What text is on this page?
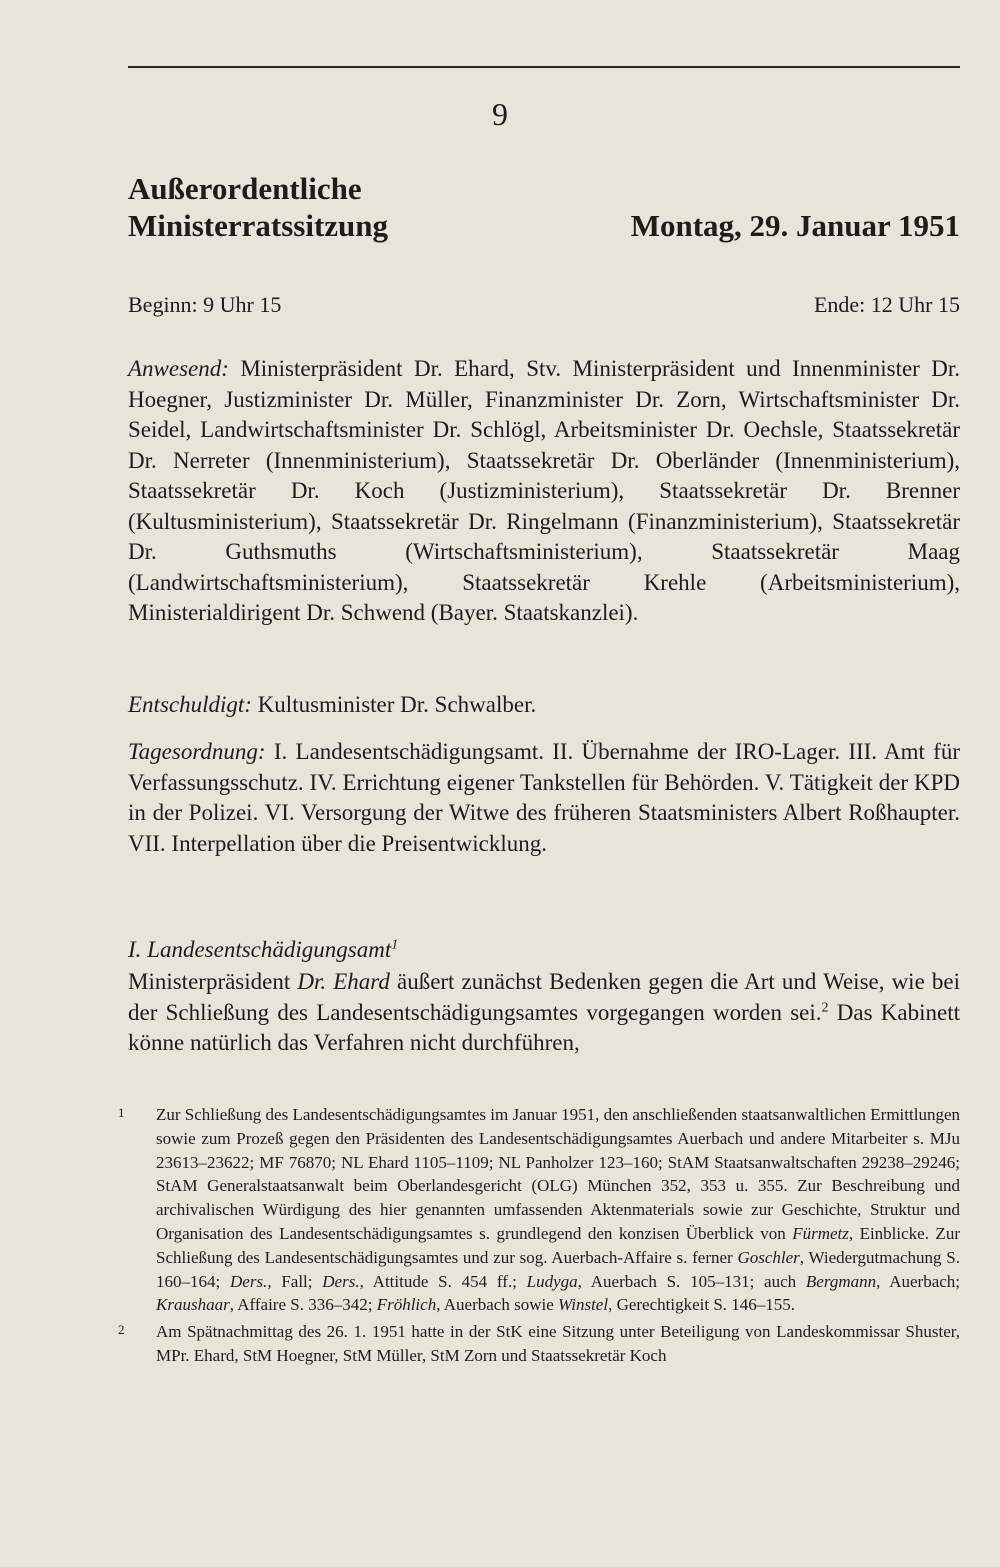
9
Außerordentliche
Ministerratssitzung	Montag, 29. Januar 1951
Beginn: 9 Uhr 15	Ende: 12 Uhr 15

Anwesend: Ministerpräsident Dr. Ehard, Stv. Ministerpräsident und Innenminister Dr. Hoegner, Justizminister Dr. Müller, Finanzminister Dr. Zorn, Wirtschaftsminister Dr. Seidel, Landwirtschaftsminister Dr. Schlögl, Arbeitsminister Dr. Oechsle, Staatssekretär Dr. Nerreter (Innenministerium), Staatssekretär Dr. Oberländer (Innenministerium), Staatssekretär Dr. Koch (Justizministerium), Staatssekretär Dr. Brenner (Kultusministerium), Staatssekretär Dr. Ringelmann (Finanzministerium), Staatssekretär Dr. Guthsmuths (Wirtschaftsministerium), Staatssekretär Maag (Landwirtschaftsministerium), Staatssekretär Krehle (Arbeitsministerium), Ministerialdirigent Dr. Schwend (Bayer. Staatskanzlei).

Entschuldigt: Kultusminister Dr. Schwalber.

Tagesordnung: I. Landesentschädigungsamt. II. Übernahme der IRO-Lager. III. Amt für Verfassungsschutz. IV. Errichtung eigener Tankstellen für Behörden. V. Tätigkeit der KPD in der Polizei. VI. Versorgung der Witwe des früheren Staatsministers Albert Roßhaupter. VII. Interpellation über die Preisentwicklung.

I. Landesentschädigungsamt$^1$

Ministerpräsident Dr. Ehard äußert zunächst Bedenken gegen die Art und Weise, wie bei der Schließung des Landesentschädigungsamtes vorgegangen worden sei.$^2$ Das Kabinett könne natürlich das Verfahren nicht durchführen,

1 Zur Schließung des Landesentschädigungsamtes im Januar 1951, den anschließenden staatsanwaltlichen Ermittlungen sowie zum Prozeß gegen den Präsidenten des Landesentschädigungsamtes Auerbach und andere Mitarbeiter s. MJu 23613–23622; MF 76870; NL Ehard 1105–1109; NL Panholzer 123–160; StAM Staatsanwaltschaften 29238–29246; StAM Generalstaatsanwalt beim Oberlandesgericht (OLG) München 352, 353 u. 355. Zur Beschreibung und archivalischen Würdigung des hier genannten umfassenden Aktenmaterials sowie zur Geschichte, Struktur und Organisation des Landesentschädigungsamtes s. grundlegend den konzisen Überblick von Fürmetz, Einblicke. Zur Schließung des Landesentschädigungsamtes und zur sog. Auerbach-Affaire s. ferner Goschler, Wiedergutmachung S. 160–164; Ders., Fall; Ders., Attitude S. 454 ff.; Ludyga, Auerbach S. 105–131; auch Bergmann, Auerbach; Kraushaar, Affaire S. 336–342; Fröhlich, Auerbach sowie Winstel, Gerechtigkeit S. 146–155.
2 Am Spätnachmittag des 26. 1. 1951 hatte in der StK eine Sitzung unter Beteiligung von Landeskommissar Shuster, MPr. Ehard, StM Hoegner, StM Müller, StM Zorn und Staatssekretär Koch
